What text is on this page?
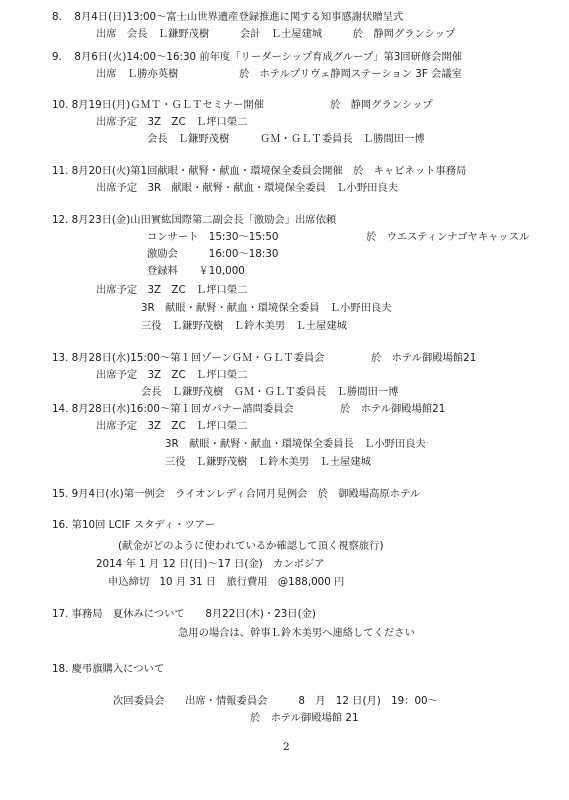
8. 8月4日(日)13:00～富士山世界遺産登録推進に関する知事感謝状贈呈式
出席　会長　Ｌ鎌野茂樹	会計　Ｌ土屋建城	於　静岡グランシップ
9. 8月6日(火)14:00～16:30 前年度「リーダーシップ育成グループ」第3回研修会開催
出席　Ｌ勝亦英樹	於　ホテルプリヴェ静岡ステーション 3F 会議室
10. 8月19日(月)ＧＭＴ・ＧＬＴセミナー開催	於　静岡グランシップ
出席予定　3Z　ZC　Ｌ坪口榮二
会長　Ｌ鎌野茂樹	ＧＭ・ＧＬＴ委員長　Ｌ勝間田一博
11. 8月20日(火)第1回献眼・献腎・献血・環境保全委員会開催　於　キャビネット事務局
出席予定　3R　献眼・献腎・献血・環境保全委員　Ｌ小野田良夫
12. 8月23日(金)山田實紘国際第二副会長「激励会」出席依頼
コンサート　15:30～15:50	於　ウエスティンナゴヤキャッスル
激励会　　　16:00～18:30
登録料　　￥10,000
出席予定　3Z　ZC　Ｌ坪口榮二
3R　献眼・献腎・献血・環境保全委員　Ｌ小野田良夫
三役　Ｌ鎌野茂樹　Ｌ鈴木美男　Ｌ土屋建城
13. 8月28日(水)15:00～第１回ゾーンＧＭ・ＧＬＴ委員会	於　ホテル御殿場館21
出席予定　3Z　ZC　Ｌ坪口榮二
会長　Ｌ鎌野茂樹　ＧＭ・ＧＬＴ委員長　Ｌ勝間田一博
14. 8月28日(水)16:00～第１回ガバナー諮問委員会	於　ホテル御殿場館21
出席予定　3Z　ZC　Ｌ坪口榮二
3R　献眼・献腎・献血・環境保全委員長　Ｌ小野田良夫
三役　Ｌ鎌野茂樹　Ｌ鈴木美男　Ｌ土屋建城
15. 9月4日(水)第一例会　ライオンレディ合同月見例会　於　御殿場高原ホテル
16. 第10回 LCIF スタディ・ツアー
(献金がどのように使われているか確認して頂く視察旅行)
2014 年 1 月 12 日(日)～17 日(金)　カンボジア
申込締切　10 月 31 日　旅行費用　@188,000 円
17. 事務局　夏休みについて　　8月22日(木)・23日(金)
急用の場合は、幹事Ｌ鈴木美男へ連絡してください
18. 慶弔旗購入について
次回委員会　　出席・情報委員会　　　8　月　12 日(月)　19：00～
於　ホテル御殿場館 21
2
